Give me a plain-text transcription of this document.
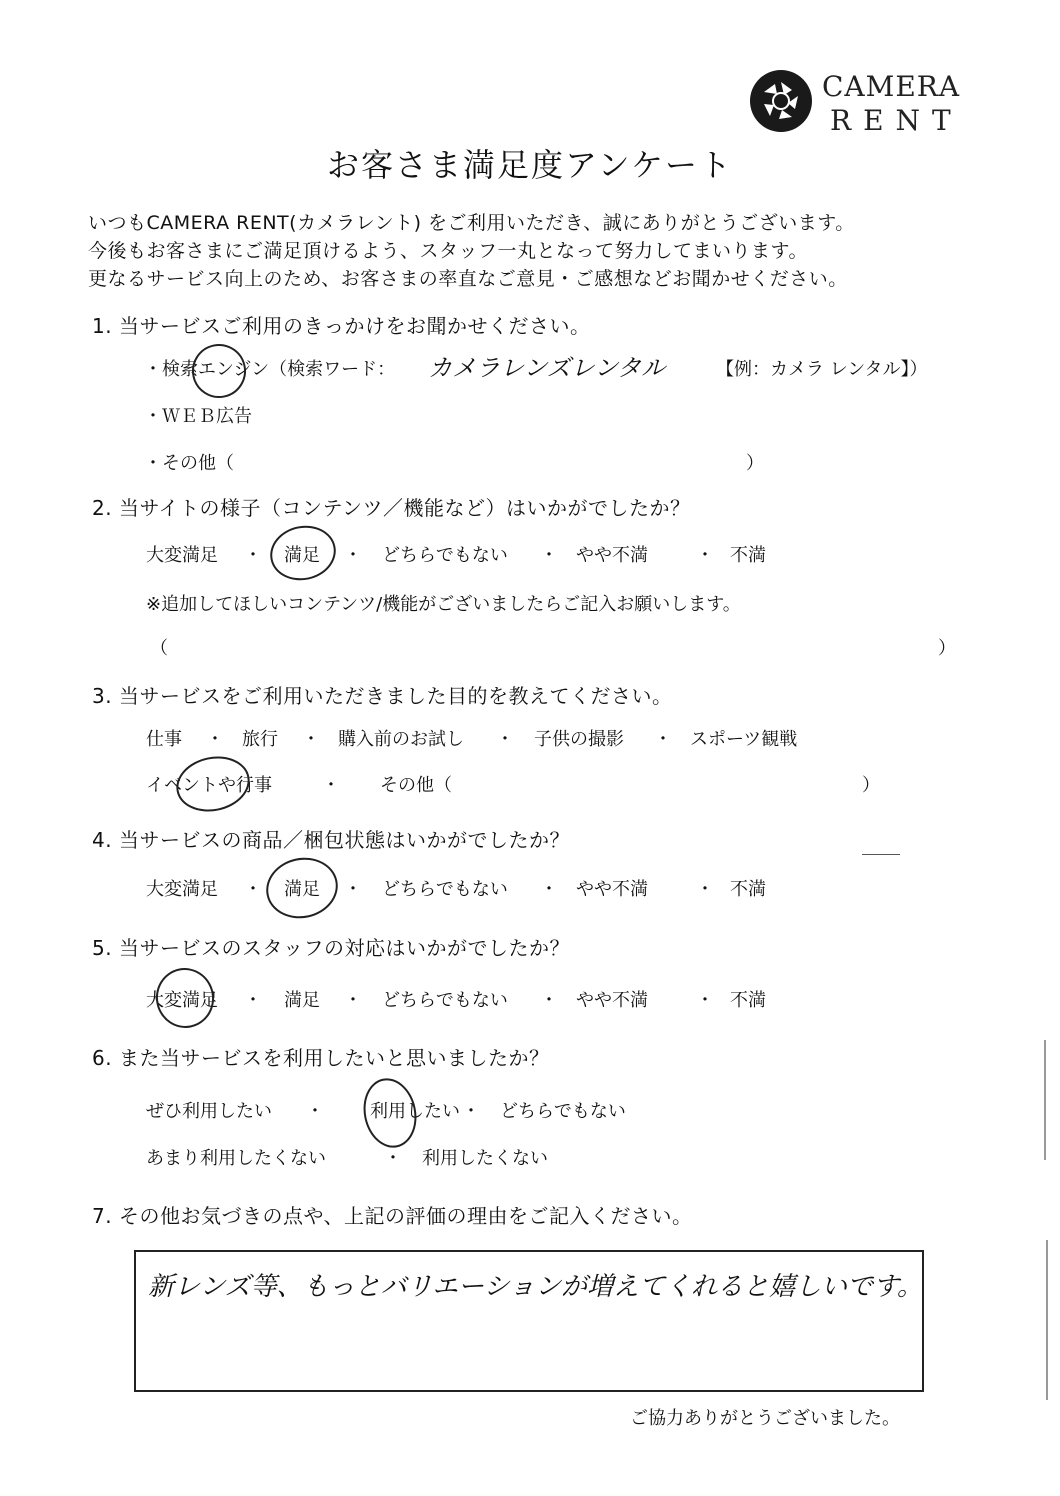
CAMERA
RENT
お客さま満足度アンケート
いつもCAMERA RENT(カメラレント) をご利用いただき、誠にありがとうございます。
今後もお客さまにご満足頂けるよう、スタッフ一丸となって努力してまいります。
更なるサービス向上のため、お客さまの率直なご意見・ご感想などお聞かせください。
1. 当サービスご利用のきっかけをお聞かせください。
・検索エンジン（検索ワード： カメラレンズレンタル	【例：カメラ レンタル】）
・ＷＥＢ広告
・その他（	）
2. 当サイトの様子（コンテンツ／機能など）はいかがでしたか？
大変満足 ・ 満足 ・ どちらでもない ・ やや不満	・ 不満
※追加してほしいコンテンツ/機能がございましたらご記入お願いします。
（	）
3. 当サービスをご利用いただきました目的を教えてください。
仕事 ・ 旅行 ・ 購入前のお試し ・ 子供の撮影 ・ スポーツ観戦
イベントや行事	・ その他（	）
4. 当サービスの商品／梱包状態はいかがでしたか？
大変満足 ・ 満足 ・ どちらでもない ・ やや不満	・ 不満
5. 当サービスのスタッフの対応はいかがでしたか？
大変満足 ・ 満足 ・ どちらでもない ・ やや不満	・ 不満
6. また当サービスを利用したいと思いましたか？
ぜひ利用したい ・	利用したい ・ どちらでもない
あまり利用したくない	・ 利用したくない
7. その他お気づきの点や、上記の評価の理由をご記入ください。
新レンズ等、もっとバリエーションが増えてくれると嬉しいです。
ご協力ありがとうございました。
